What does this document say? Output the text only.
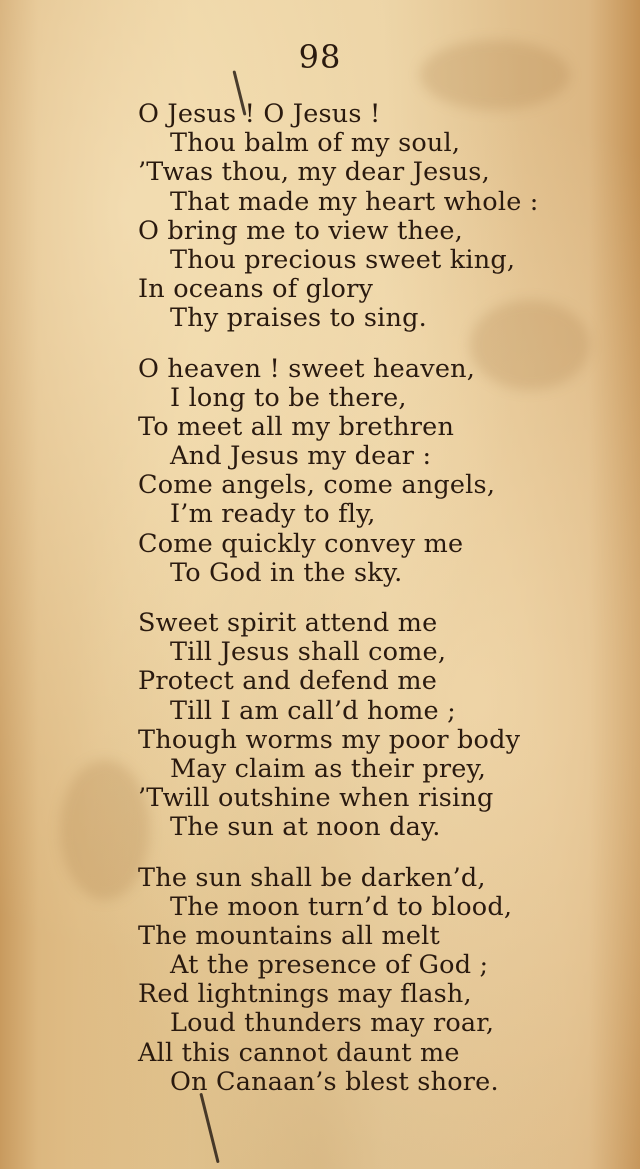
98
O Jesus ! O Jesus !
Thou balm of my soul,
’Twas thou, my dear Jesus,
That made my heart whole :
O bring me to view thee,
Thou precious sweet king,
In oceans of glory
Thy praises to sing.
O heaven ! sweet heaven,
I long to be there,
To meet all my brethren
And Jesus my dear :
Come angels, come angels,
I’m ready to fly,
Come quickly convey me
To God in the sky.
Sweet spirit attend me
Till Jesus shall come,
Protect and defend me
Till I am call’d home ;
Though worms my poor body
May claim as their prey,
’Twill outshine when rising
The sun at noon day.
The sun shall be darken’d,
The moon turn’d to blood,
The mountains all melt
At the presence of God ;
Red lightnings may flash,
Loud thunders may roar,
All this cannot daunt me
On Canaan’s blest shore.
